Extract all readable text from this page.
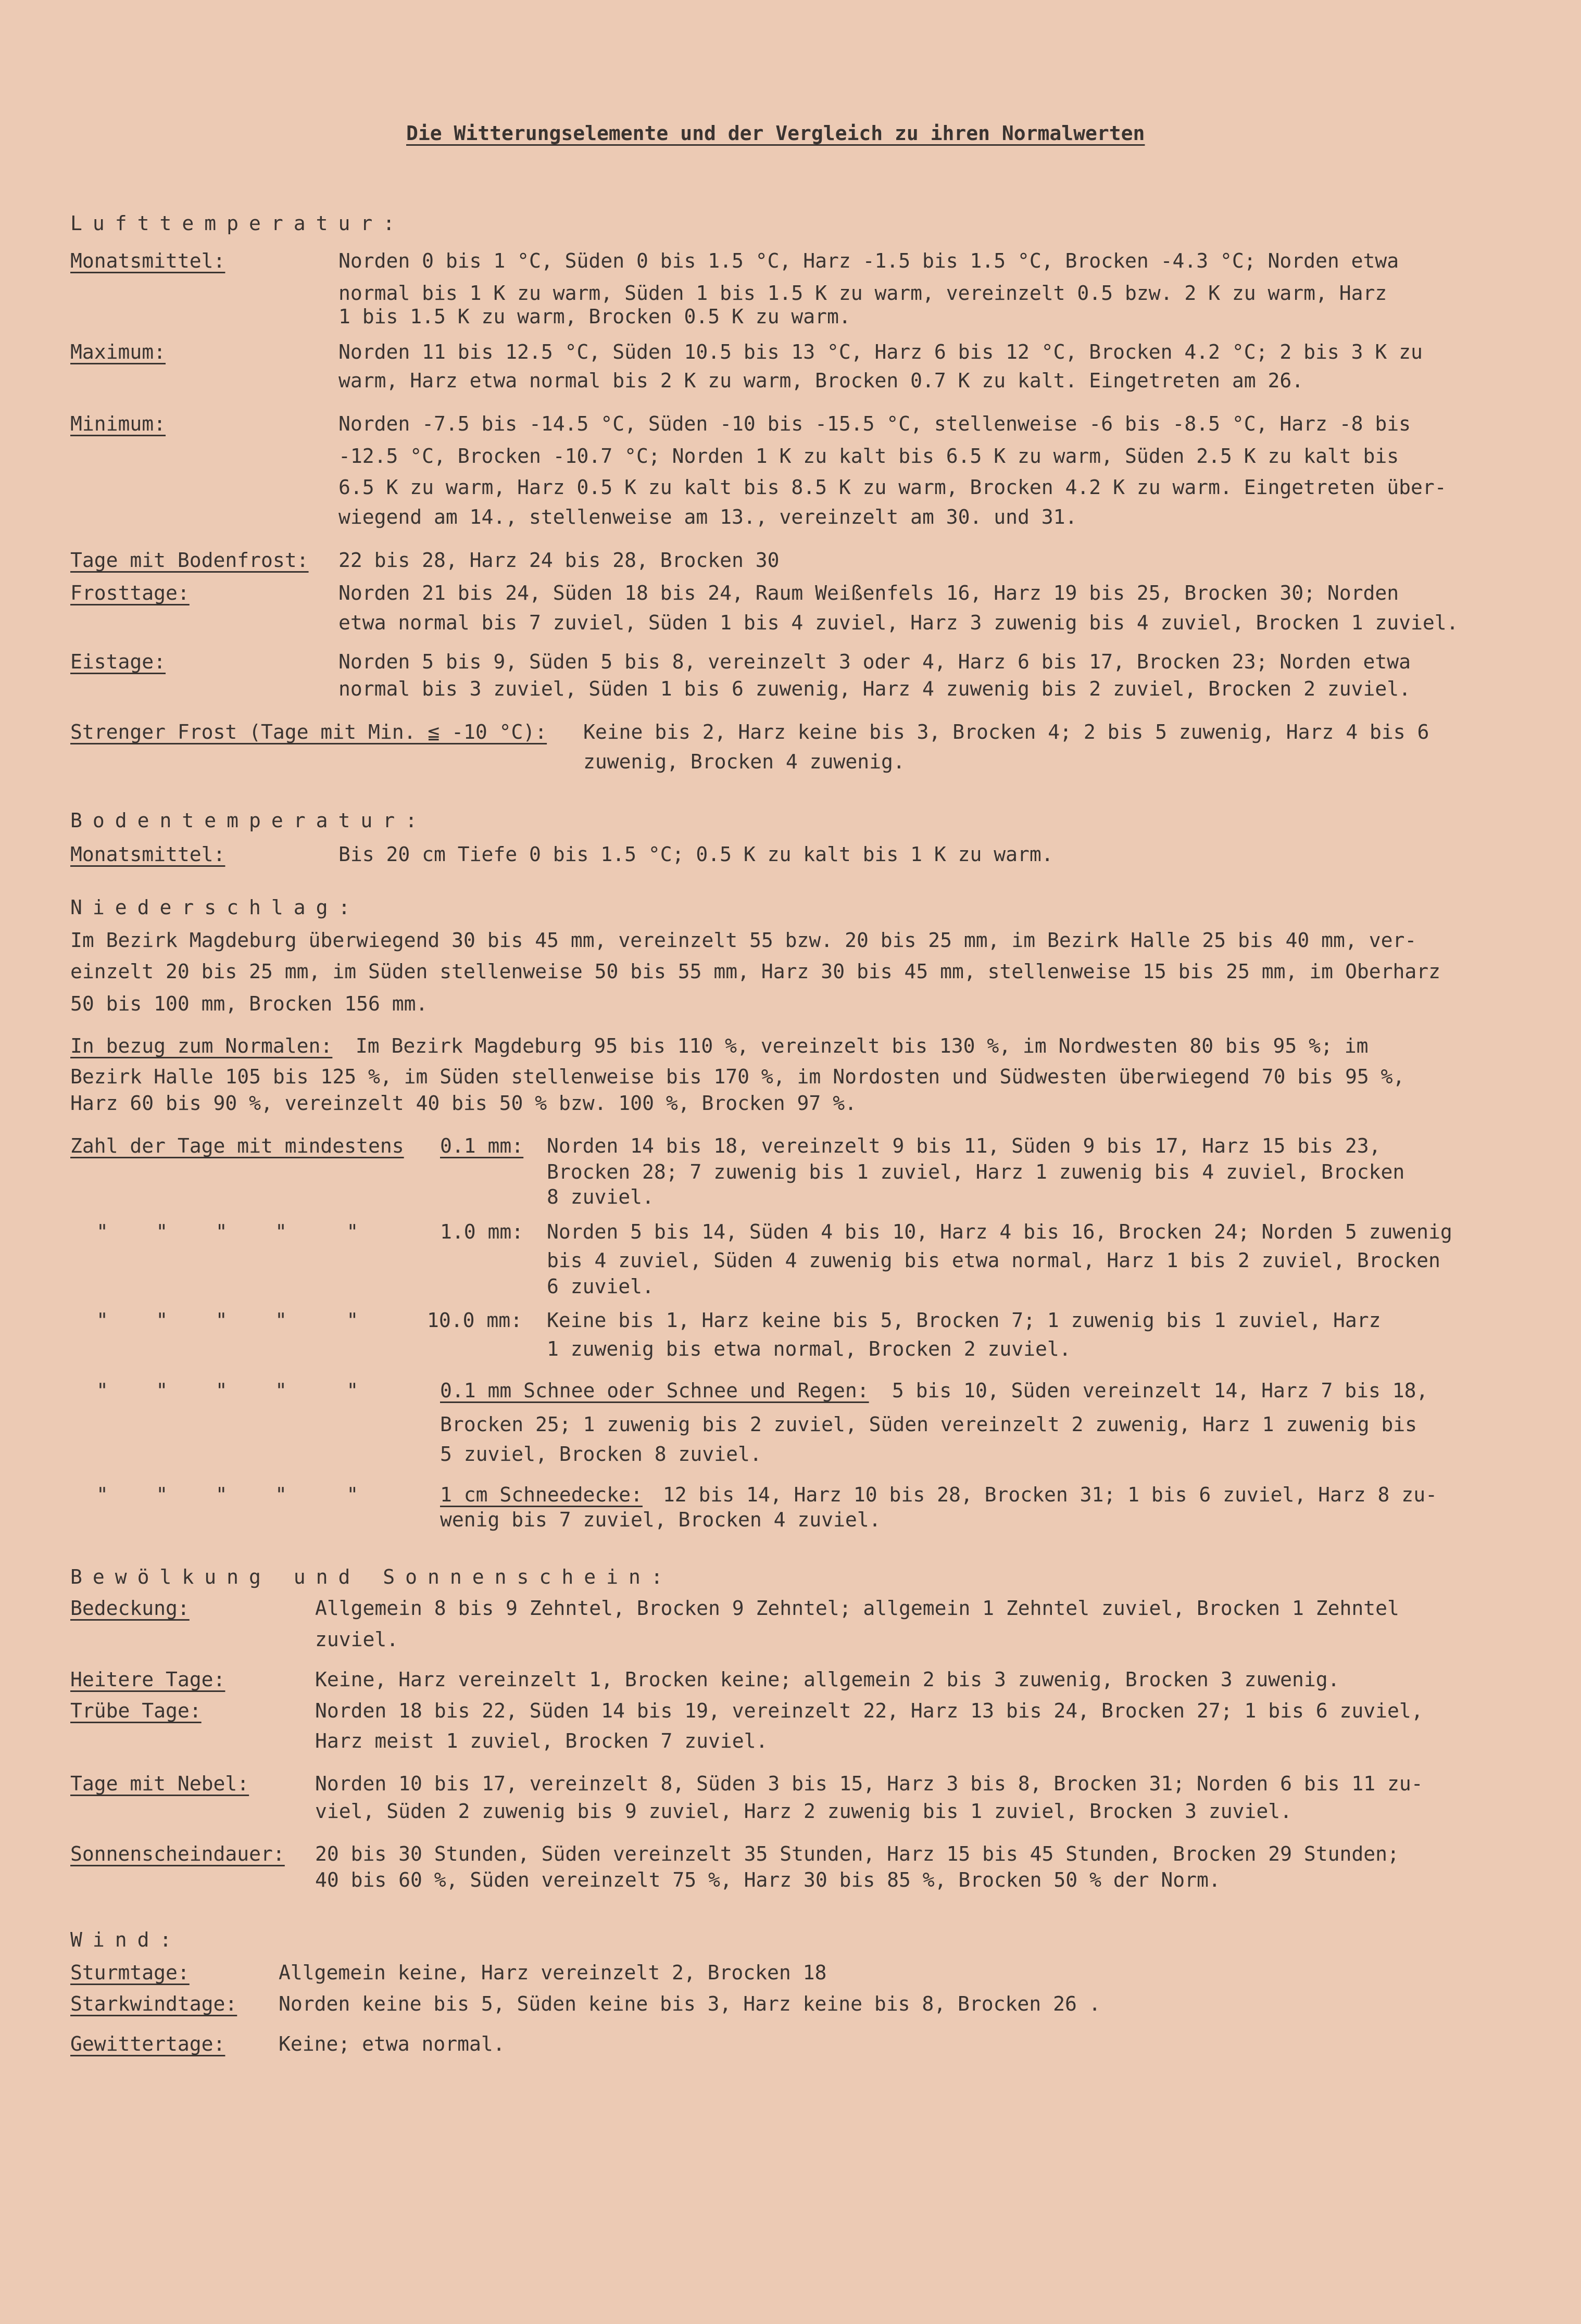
Die Witterungselemente und der Vergleich zu ihren Normalwerten
Lufttemperatur:
Monatsmittel:	Norden 0 bis 1 °C, Süden 0 bis 1.5 °C, Harz -1.5 bis 1.5 °C, Brocken -4.3 °C; Norden etwa
normal bis 1 K zu warm, Süden 1 bis 1.5 K zu warm, vereinzelt 0.5 bzw. 2 K zu warm, Harz
1 bis 1.5 K zu warm, Brocken 0.5 K zu warm.
Maximum:	Norden 11 bis 12.5 °C, Süden 10.5 bis 13 °C, Harz 6 bis 12 °C, Brocken 4.2 °C; 2 bis 3 K zu
warm, Harz etwa normal bis 2 K zu warm, Brocken 0.7 K zu kalt. Eingetreten am 26.
Minimum:	Norden -7.5 bis -14.5 °C, Süden -10 bis -15.5 °C, stellenweise -6 bis -8.5 °C, Harz -8 bis
-12.5 °C, Brocken -10.7 °C; Norden 1 K zu kalt bis 6.5 K zu warm, Süden 2.5 K zu kalt bis
6.5 K zu warm, Harz 0.5 K zu kalt bis 8.5 K zu warm, Brocken 4.2 K zu warm. Eingetreten über-
wiegend am 14., stellenweise am 13., vereinzelt am 30. und 31.
Tage mit Bodenfrost: 22 bis 28, Harz 24 bis 28, Brocken 30
Frosttage:	Norden 21 bis 24, Süden 18 bis 24, Raum Weißenfels 16, Harz 19 bis 25, Brocken 30; Norden
etwa normal bis 7 zuviel, Süden 1 bis 4 zuviel, Harz 3 zuwenig bis 4 zuviel, Brocken 1 zuviel.
Eistage:	Norden 5 bis 9, Süden 5 bis 8, vereinzelt 3 oder 4, Harz 6 bis 17, Brocken 23; Norden etwa
normal bis 3 zuviel, Süden 1 bis 6 zuwenig, Harz 4 zuwenig bis 2 zuviel, Brocken 2 zuviel.
Strenger Frost (Tage mit Min. ≦ -10 °C): Keine bis 2, Harz keine bis 3, Brocken 4; 2 bis 5 zuwenig, Harz 4 bis 6
zuwenig, Brocken 4 zuwenig.
Bodentemperatur:
Monatsmittel:	Bis 20 cm Tiefe 0 bis 1.5 °C; 0.5 K zu kalt bis 1 K zu warm.
Niederschlag:
Im Bezirk Magdeburg überwiegend 30 bis 45 mm, vereinzelt 55 bzw. 20 bis 25 mm, im Bezirk Halle 25 bis 40 mm, ver-
einzelt 20 bis 25 mm, im Süden stellenweise 50 bis 55 mm, Harz 30 bis 45 mm, stellenweise 15 bis 25 mm, im Oberharz
50 bis 100 mm, Brocken 156 mm.
In bezug zum Normalen: Im Bezirk Magdeburg 95 bis 110 %, vereinzelt bis 130 %, im Nordwesten 80 bis 95 %; im
Bezirk Halle 105 bis 125 %, im Süden stellenweise bis 170 %, im Nordosten und Südwesten überwiegend 70 bis 95 %,
Harz 60 bis 90 %, vereinzelt 40 bis 50 % bzw. 100 %, Brocken 97 %.
Zahl der Tage mit mindestens 0.1 mm: Norden 14 bis 18, vereinzelt 9 bis 11, Süden 9 bis 17, Harz 15 bis 23,
Brocken 28; 7 zuwenig bis 1 zuviel, Harz 1 zuwenig bis 4 zuviel, Brocken
8 zuviel.
"    "    "    "     "	1.0 mm: Norden 5 bis 14, Süden 4 bis 10, Harz 4 bis 16, Brocken 24; Norden 5 zuwenig
bis 4 zuviel, Süden 4 zuwenig bis etwa normal, Harz 1 bis 2 zuviel, Brocken
6 zuviel.
"    "    "    "     "	10.0 mm: Keine bis 1, Harz keine bis 5, Brocken 7; 1 zuwenig bis 1 zuviel, Harz
1 zuwenig bis etwa normal, Brocken 2 zuviel.
"    "    "    "     "	0.1 mm Schnee oder Schnee und Regen: 5 bis 10, Süden vereinzelt 14, Harz 7 bis 18,
Brocken 25; 1 zuwenig bis 2 zuviel, Süden vereinzelt 2 zuwenig, Harz 1 zuwenig bis
5 zuviel, Brocken 8 zuviel.
"    "    "    "     "	1 cm Schneedecke: 12 bis 14, Harz 10 bis 28, Brocken 31; 1 bis 6 zuviel, Harz 8 zu-
wenig bis 7 zuviel, Brocken 4 zuviel.
Bewölkung und Sonnenschein:
Bedeckung:	Allgemein 8 bis 9 Zehntel, Brocken 9 Zehntel; allgemein 1 Zehntel zuviel, Brocken 1 Zehntel
zuviel.
Heitere Tage:	Keine, Harz vereinzelt 1, Brocken keine; allgemein 2 bis 3 zuwenig, Brocken 3 zuwenig.
Trübe Tage:	Norden 18 bis 22, Süden 14 bis 19, vereinzelt 22, Harz 13 bis 24, Brocken 27; 1 bis 6 zuviel,
Harz meist 1 zuviel, Brocken 7 zuviel.
Tage mit Nebel:	Norden 10 bis 17, vereinzelt 8, Süden 3 bis 15, Harz 3 bis 8, Brocken 31; Norden 6 bis 11 zu-
viel, Süden 2 zuwenig bis 9 zuviel, Harz 2 zuwenig bis 1 zuviel, Brocken 3 zuviel.
Sonnenscheindauer: 20 bis 30 Stunden, Süden vereinzelt 35 Stunden, Harz 15 bis 45 Stunden, Brocken 29 Stunden;
40 bis 60 %, Süden vereinzelt 75 %, Harz 30 bis 85 %, Brocken 50 % der Norm.
Wind:
Sturmtage:	Allgemein keine, Harz vereinzelt 2, Brocken 18
Starkwindtage: Norden keine bis 5, Süden keine bis 3, Harz keine bis 8, Brocken 26 .
Gewittertage:	Keine; etwa normal.
